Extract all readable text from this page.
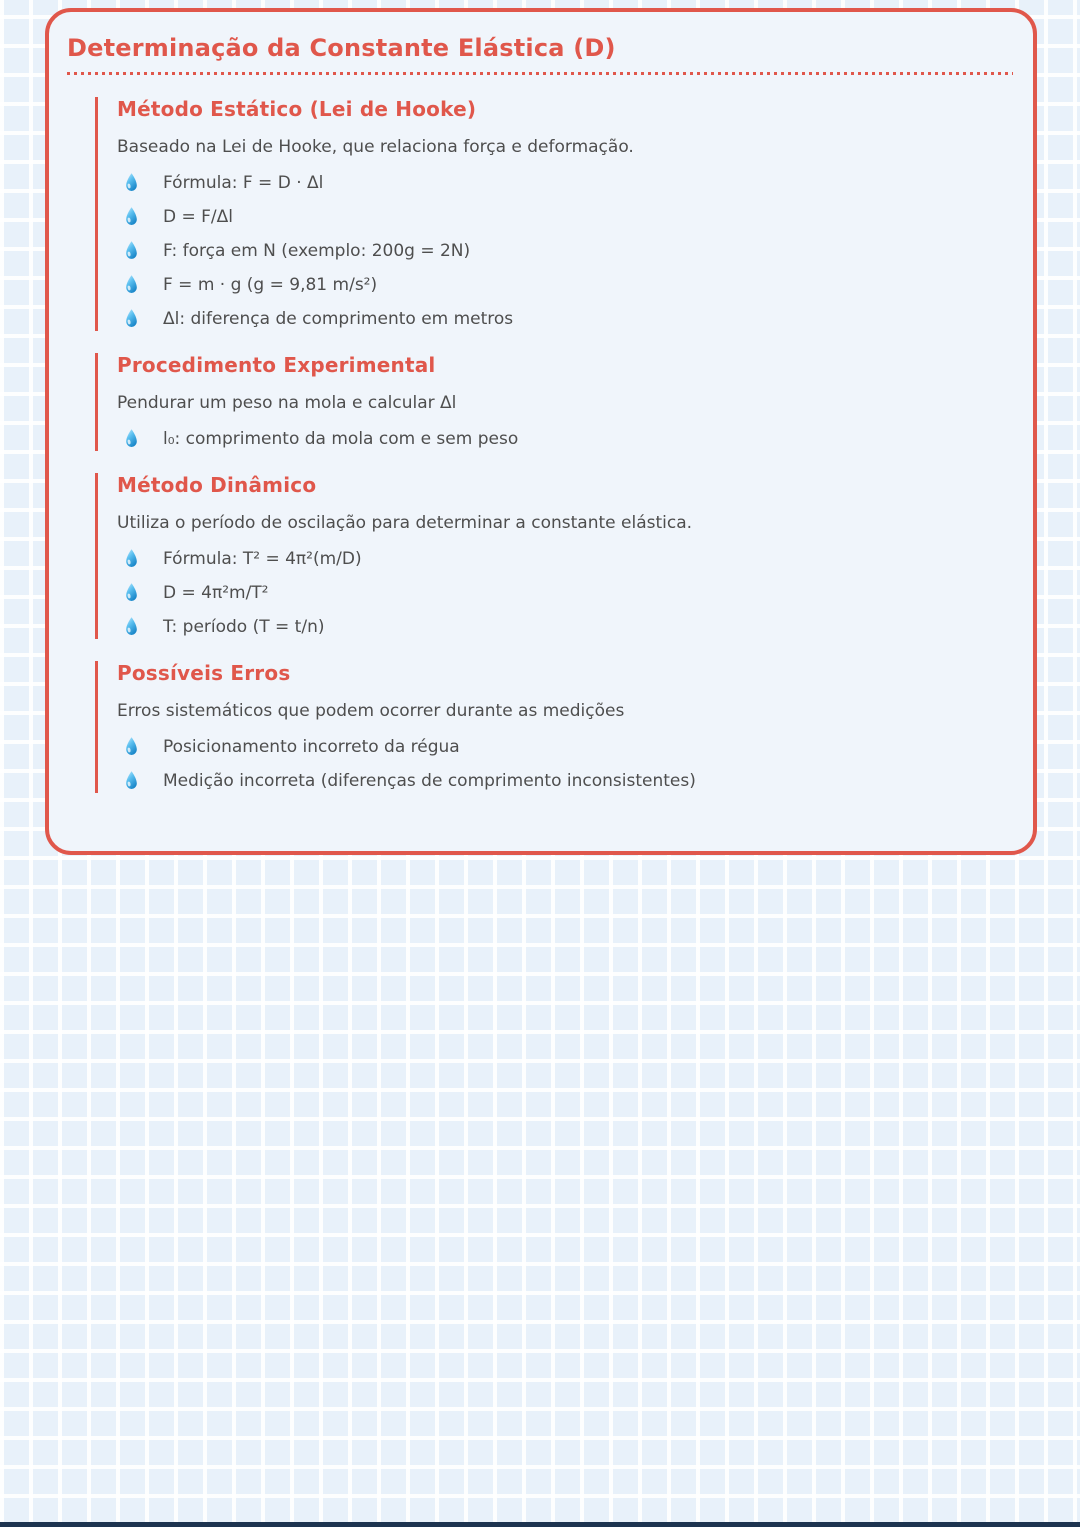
Determinação da Constante Elástica (D)
Método Estático (Lei de Hooke)

Baseado na Lei de Hooke, que relaciona força e deformação.

Fórmula: F = D · Δl
D = F/Δl
F: força em N (exemplo: 200g = 2N)
F = m · g (g = 9,81 m/s²)
Δl: diferença de comprimento em metros
Procedimento Experimental

Pendurar um peso na mola e calcular Δl

l₀: comprimento da mola com e sem peso
Método Dinâmico

Utiliza o período de oscilação para determinar a constante elástica.

Fórmula: T² = 4π²(m/D)
D = 4π²m/T²
T: período (T = t/n)
Possíveis Erros

Erros sistemáticos que podem ocorrer durante as medições

Posicionamento incorreto da régua
Medição incorreta (diferenças de comprimento inconsistentes)
